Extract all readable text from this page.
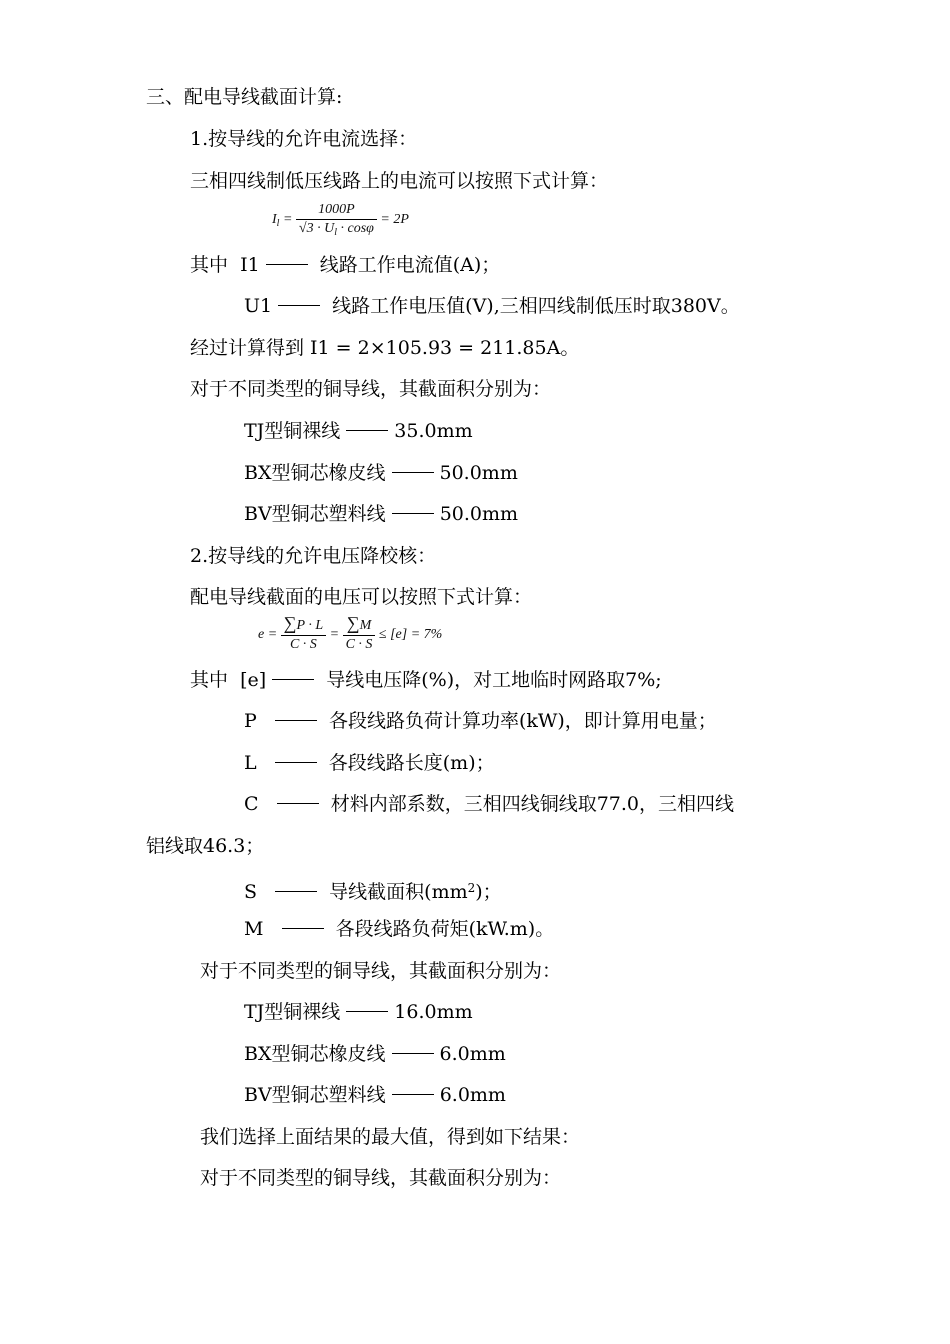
三、配电导线截面计算:
1.按导线的允许电流选择：
三相四线制低压线路上的电流可以按照下式计算：
$I_l = \frac{1000P}{√3 \cdot U_l \cdot \cos\varphi} = 2P$
其中 I1	线路工作电流值(A)；
U1	线路工作电压值(V),三相四线制低压时取380V。
经过计算得到 I1 = 2×105.93 = 211.85A。
对于不同类型的铜导线，其截面积分别为：
TJ型铜裸线	35.0mm
BX型铜芯橡皮线	50.0mm
BV型铜芯塑料线	50.0mm
2.按导线的允许电压降校核：
配电导线截面的电压可以按照下式计算：
$e = \frac{\sum P \cdot L}{C \cdot S} = \frac{\sum M}{C \cdot S} \le [e] = 7\%$
其中 [e]	导线电压降(%)，对工地临时网路取7%;
P	各段线路负荷计算功率(kW)，即计算用电量；
L	各段线路长度(m)；
C	材料内部系数，三相四线铜线取77.0，三相四线
铝线取46.3；
S	导线截面积$(mm^2)$；
M	各段线路负荷矩(kW.m)。
对于不同类型的铜导线，其截面积分别为：
TJ型铜裸线	16.0mm
BX型铜芯橡皮线	6.0mm
BV型铜芯塑料线	6.0mm
我们选择上面结果的最大值，得到如下结果：
对于不同类型的铜导线，其截面积分别为：
